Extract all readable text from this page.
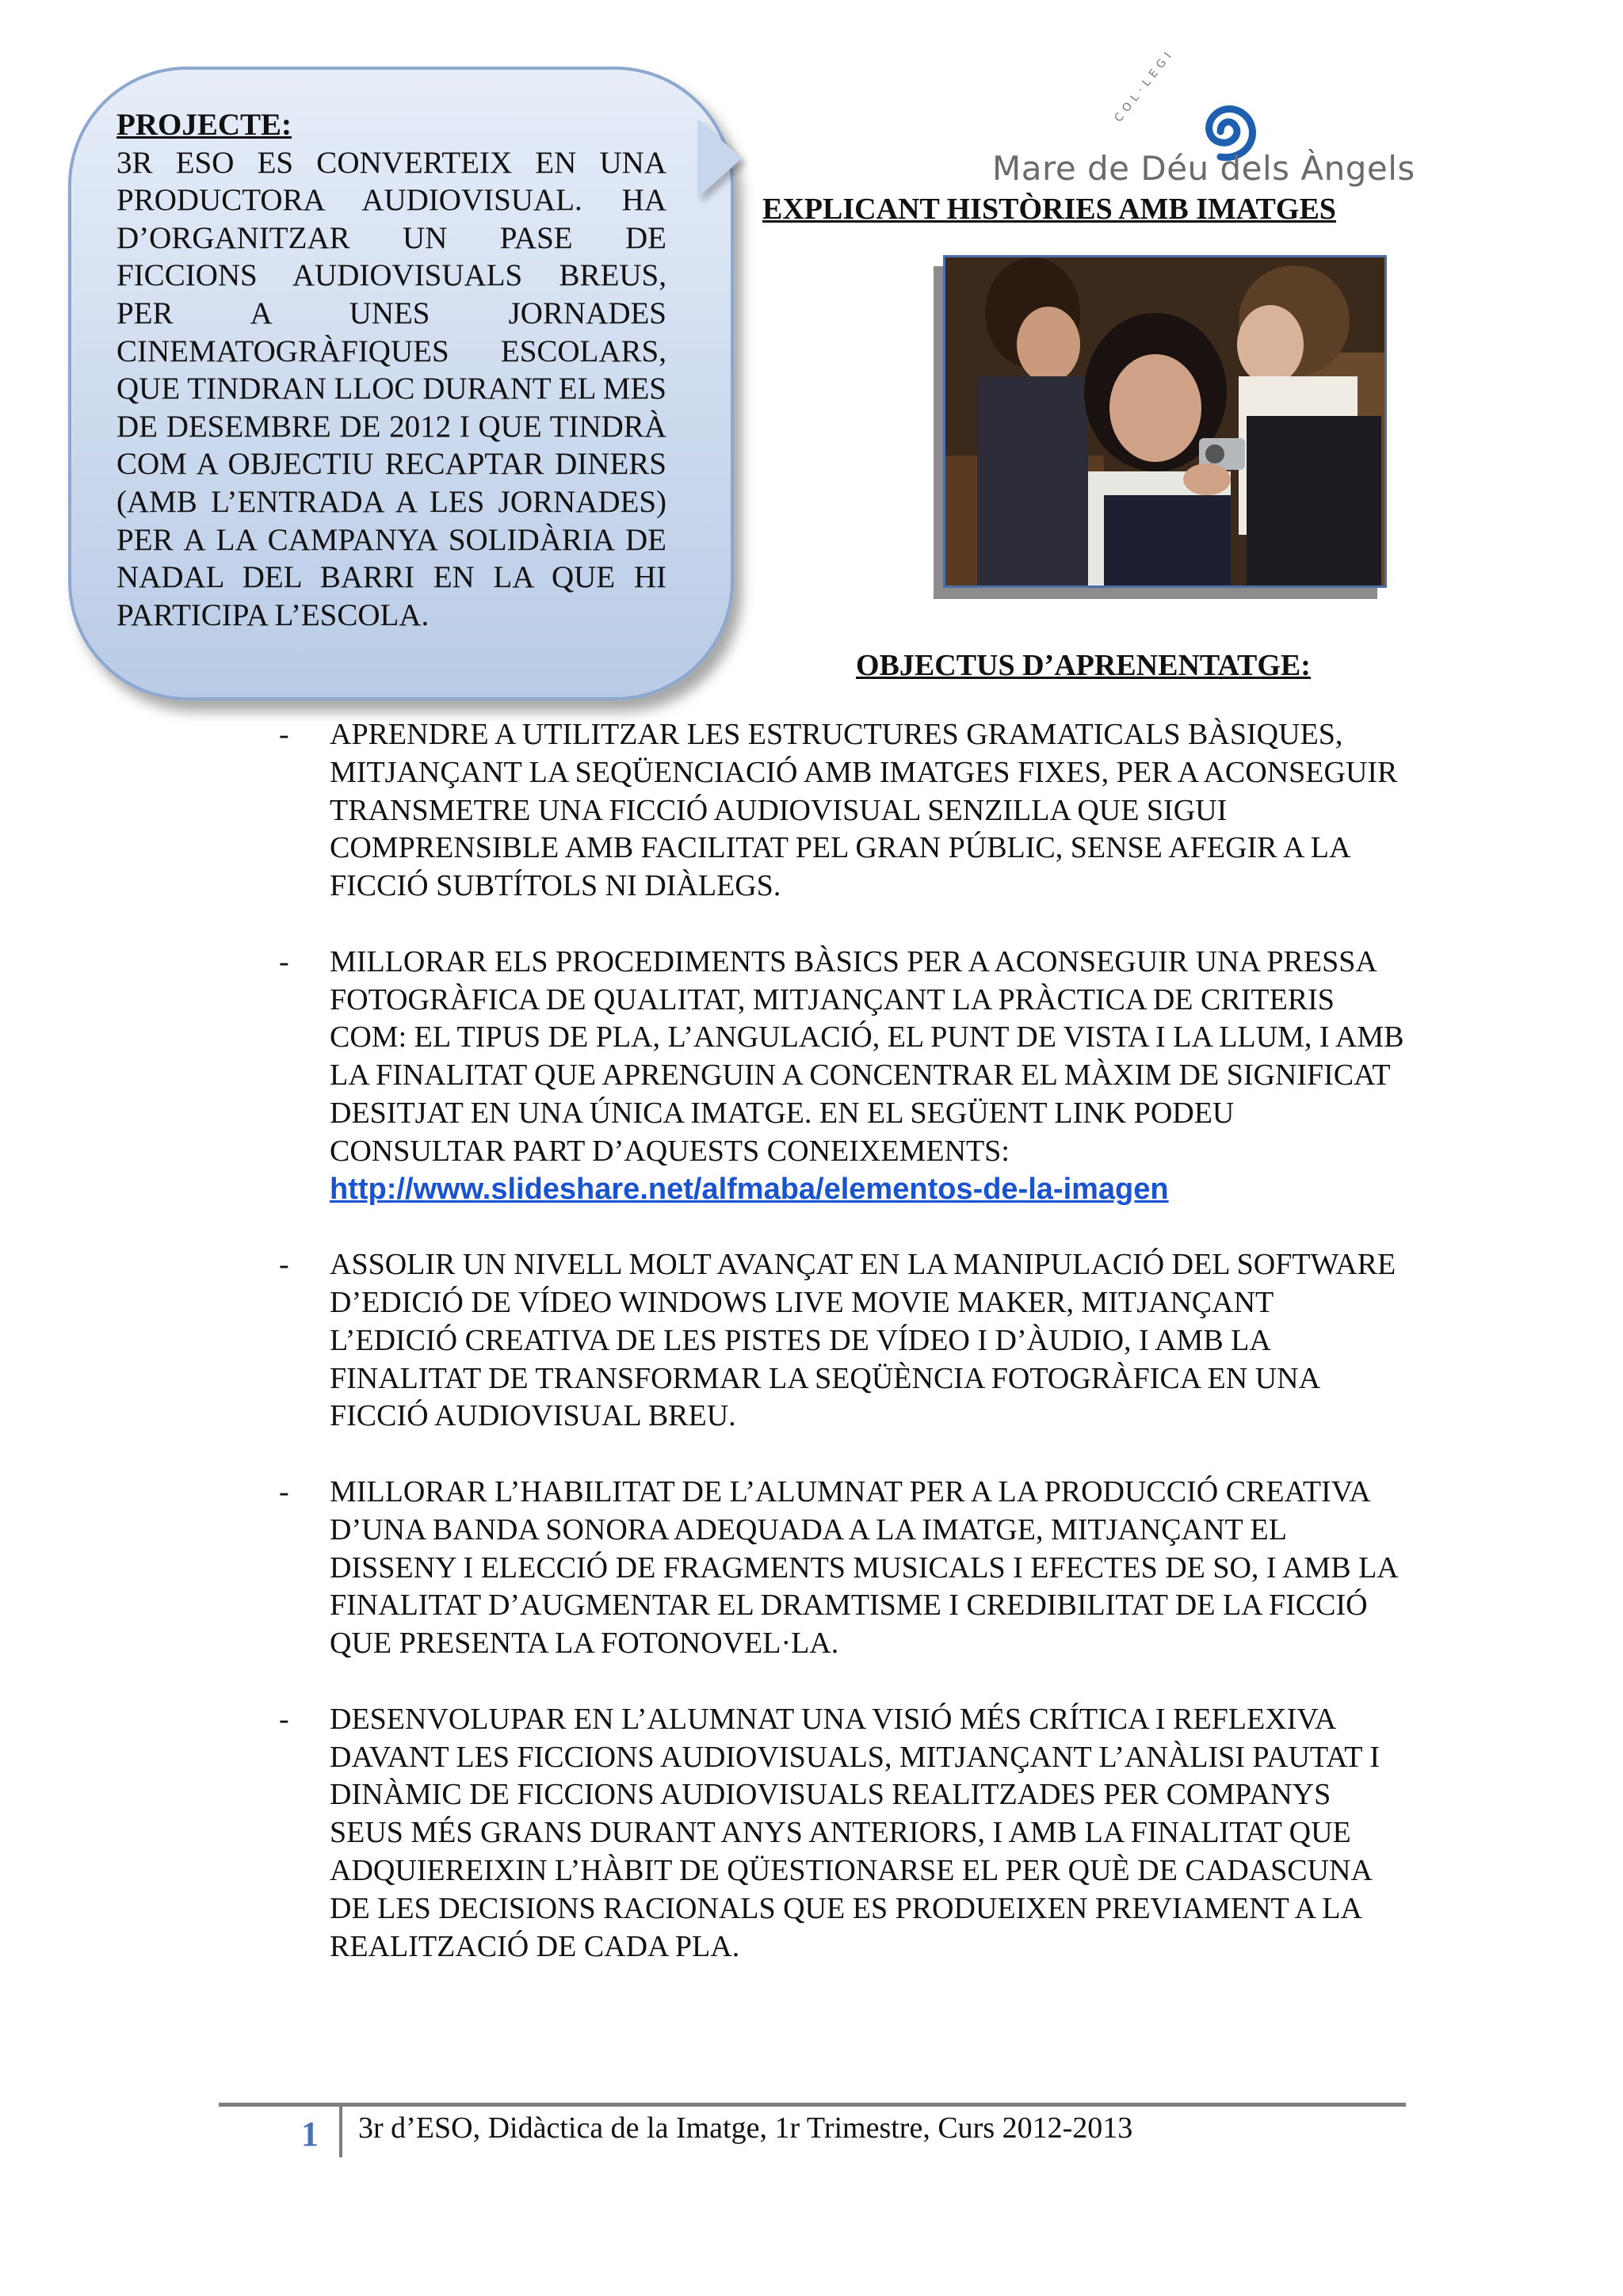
PROJECTE:
3R ESO ES CONVERTEIX EN UNA PRODUCTORA AUDIOVISUAL. HA D’ORGANITZAR UN PASE DE FICCIONS AUDIOVISUALS BREUS, PER A UNES JORNADES CINEMATOGRÀFIQUES ESCOLARS, QUE TINDRAN LLOC DURANT EL MES DE DESEMBRE DE 2012 I QUE TINDRÀ COM A OBJECTIU RECAPTAR DINERS (AMB L’ENTRADA A LES JORNADES) PER A LA CAMPANYA SOLIDÀRIA DE NADAL DEL BARRI EN LA QUE HI PARTICIPA L’ESCOLA.
COL·LEGI
Mare de Déu dels Àngels
EXPLICANT HISTÒRIES AMB IMATGES
OBJECTUS D’APRENENTATGE:
- APRENDRE A UTILITZAR LES ESTRUCTURES GRAMATICALS BÀSIQUES, MITJANÇANT LA SEQÜENCIACIÓ AMB IMATGES FIXES, PER A ACONSEGUIR TRANSMETRE UNA FICCIÓ AUDIOVISUAL SENZILLA QUE SIGUI COMPRENSIBLE AMB FACILITAT PEL GRAN PÚBLIC, SENSE AFEGIR A LA FICCIÓ SUBTÍTOLS NI DIÀLEGS.
- MILLORAR ELS PROCEDIMENTS BÀSICS PER A ACONSEGUIR UNA PRESSA FOTOGRÀFICA DE QUALITAT, MITJANÇANT LA PRÀCTICA DE CRITERIS COM: EL TIPUS DE PLA, L’ANGULACIÓ, EL PUNT DE VISTA I LA LLUM, I AMB LA FINALITAT QUE APRENGUIN A CONCENTRAR EL MÀXIM DE SIGNIFICAT DESITJAT EN UNA ÚNICA IMATGE. EN EL SEGÜENT LINK PODEU CONSULTAR PART D’AQUESTS CONEIXEMENTS:
http://www.slideshare.net/alfmaba/elementos-de-la-imagen
- ASSOLIR UN NIVELL MOLT AVANÇAT EN LA MANIPULACIÓ DEL SOFTWARE D’EDICIÓ DE VÍDEO WINDOWS LIVE MOVIE MAKER, MITJANÇANT L’EDICIÓ CREATIVA DE LES PISTES DE VÍDEO I D’ÀUDIO, I AMB LA FINALITAT DE TRANSFORMAR LA SEQÜÈNCIA FOTOGRÀFICA EN UNA FICCIÓ AUDIOVISUAL BREU.
- MILLORAR L’HABILITAT DE L’ALUMNAT PER A LA PRODUCCIÓ CREATIVA D’UNA BANDA SONORA ADEQUADA A LA IMATGE, MITJANÇANT EL DISSENY I ELECCIÓ DE FRAGMENTS MUSICALS I EFECTES DE SO, I AMB LA FINALITAT D’AUGMENTAR EL DRAMTISME I CREDIBILITAT DE LA FICCIÓ QUE PRESENTA LA FOTONOVEL·LA.
- DESENVOLUPAR EN L’ALUMNAT UNA VISIÓ MÉS CRÍTICA I REFLEXIVA DAVANT LES FICCIONS AUDIOVISUALS, MITJANÇANT L’ANÀLISI PAUTAT I DINÀMIC DE FICCIONS AUDIOVISUALS REALITZADES PER COMPANYS SEUS MÉS GRANS DURANT ANYS ANTERIORS, I AMB LA FINALITAT QUE ADQUIEREIXIN L’HÀBIT DE QÜESTIONARSE EL PER QUÈ DE CADASCUNA DE LES DECISIONS RACIONALS QUE ES PRODUEIXEN PREVIAMENT A LA REALITZACIÓ DE CADA PLA.
1 3r d’ESO, Didàctica de la Imatge, 1r Trimestre, Curs 2012-2013
